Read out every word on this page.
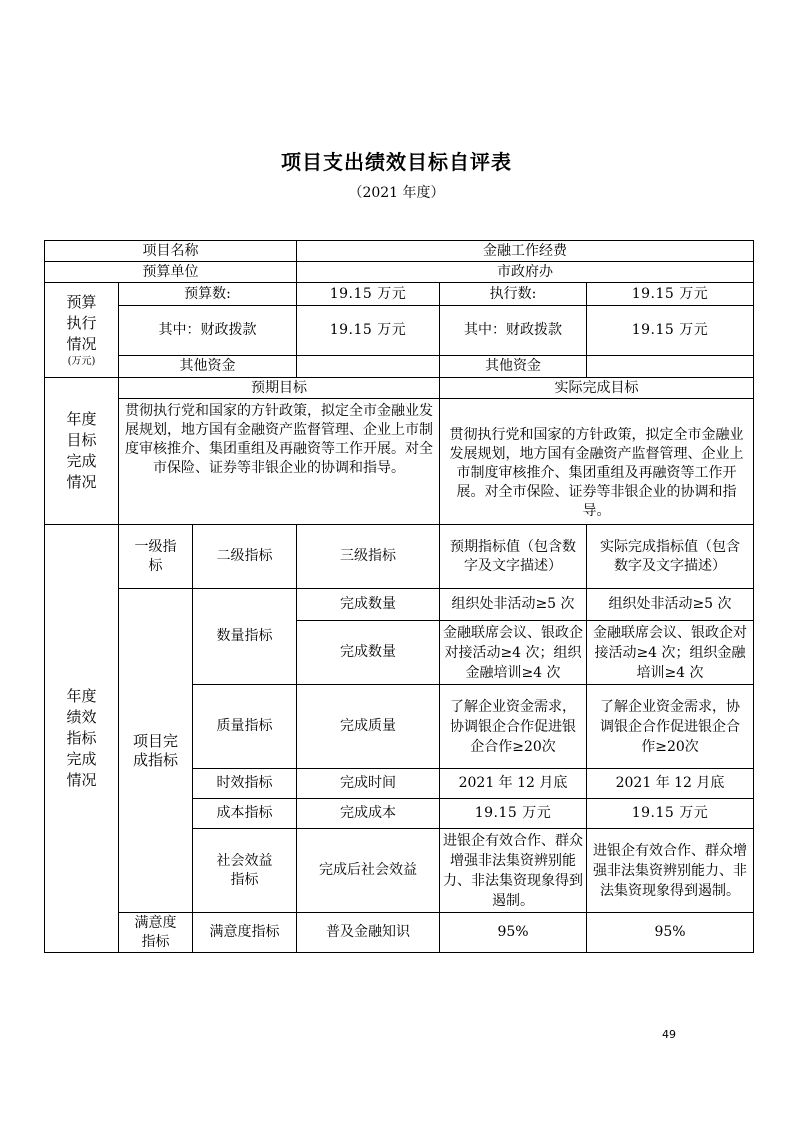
项目支出绩效目标自评表
（2021 年度）
项目名称			金融工作经费		
预算单位			市政府办		

预算执行情况
(万元)	预算数:		19.15 万元	执行数:	19.15 万元
	其中：财政拨款		19.15 万元	其中：财政拨款	19.15 万元
	其他资金			其他资金	

年度目标完成情况	预期目标			实际完成目标	
	贯彻执行党和国家的方针政策，拟定全市金融业发展规划，地方国有金融资产监督管理、企业上市制度审核推介、集团重组及再融资等工作开展。对全市保险、证券等非银企业的协调和指导。			贯彻执行党和国家的方针政策，拟定全市金融业发展规划，地方国有金融资产监督管理、企业上市制度审核推介、集团重组及再融资等工作开展。对全市保险、证券等非银企业的协调和指导。	

年度绩效指标完成情况	一级指标	二级指标	三级指标	预期指标值（包含数字及文字描述）	实际完成指标值（包含数字及文字描述）

	项目完成指标	数量指标	完成数量	组织处非活动≥5 次	组织处非活动≥5 次
			完成数量	金融联席会议、银政企对接活动≥4 次；组织金融培训≥4 次	金融联席会议、银政企对接活动≥4 次；组织金融培训≥4 次
		质量指标	完成质量	了解企业资金需求，协调银企合作促进银企合作≥20次	了解企业资金需求，协调银企合作促进银企合作≥20次
		时效指标	完成时间	2021 年 12 月底	2021 年 12 月底
		成本指标	完成成本	19.15 万元	19.15 万元

		社会效益指标	完成后社会效益	进银企有效合作、群众增强非法集资辨别能力、非法集资现象得到遏制。	进银企有效合作、群众增强非法集资辨别能力、非法集资现象得到遏制。

	满意度指标	满意度指标	普及金融知识	95%	95%
49
